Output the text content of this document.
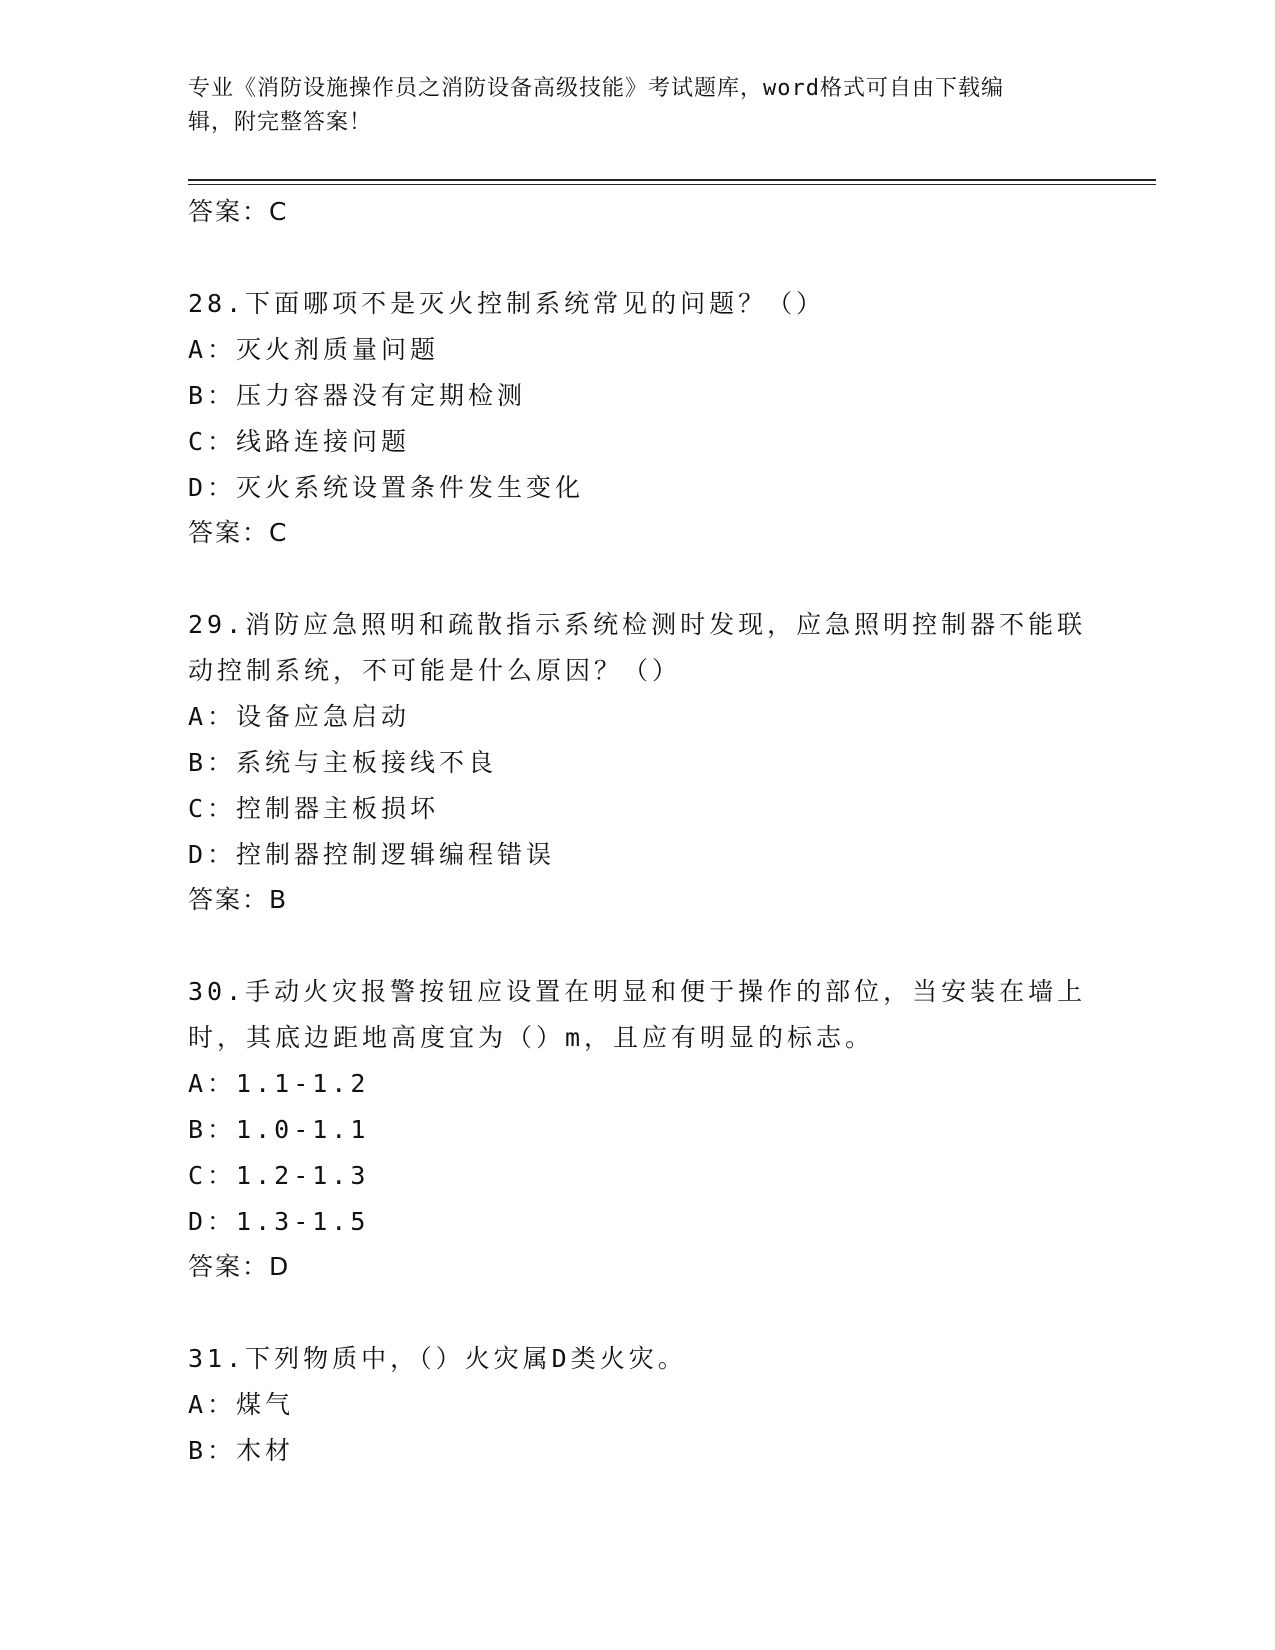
专业《消防设施操作员之消防设备高级技能》考试题库，word格式可自由下载编
辑，附完整答案！
答案：C
28.下面哪项不是灭火控制系统常见的问题？（）
A：灭火剂质量问题
B：压力容器没有定期检测
C：线路连接问题
D：灭火系统设置条件发生变化
答案：C
29.消防应急照明和疏散指示系统检测时发现，应急照明控制器不能联动控制系统，不可能是什么原因？（）
A：设备应急启动
B：系统与主板接线不良
C：控制器主板损坏
D：控制器控制逻辑编程错误
答案：B
30.手动火灾报警按钮应设置在明显和便于操作的部位，当安装在墙上时，其底边距地高度宜为（）m，且应有明显的标志。
A：1.1-1.2
B：1.0-1.1
C：1.2-1.3
D：1.3-1.5
答案：D
31.下列物质中，（）火灾属D类火灾。
A：煤气
B：木材
